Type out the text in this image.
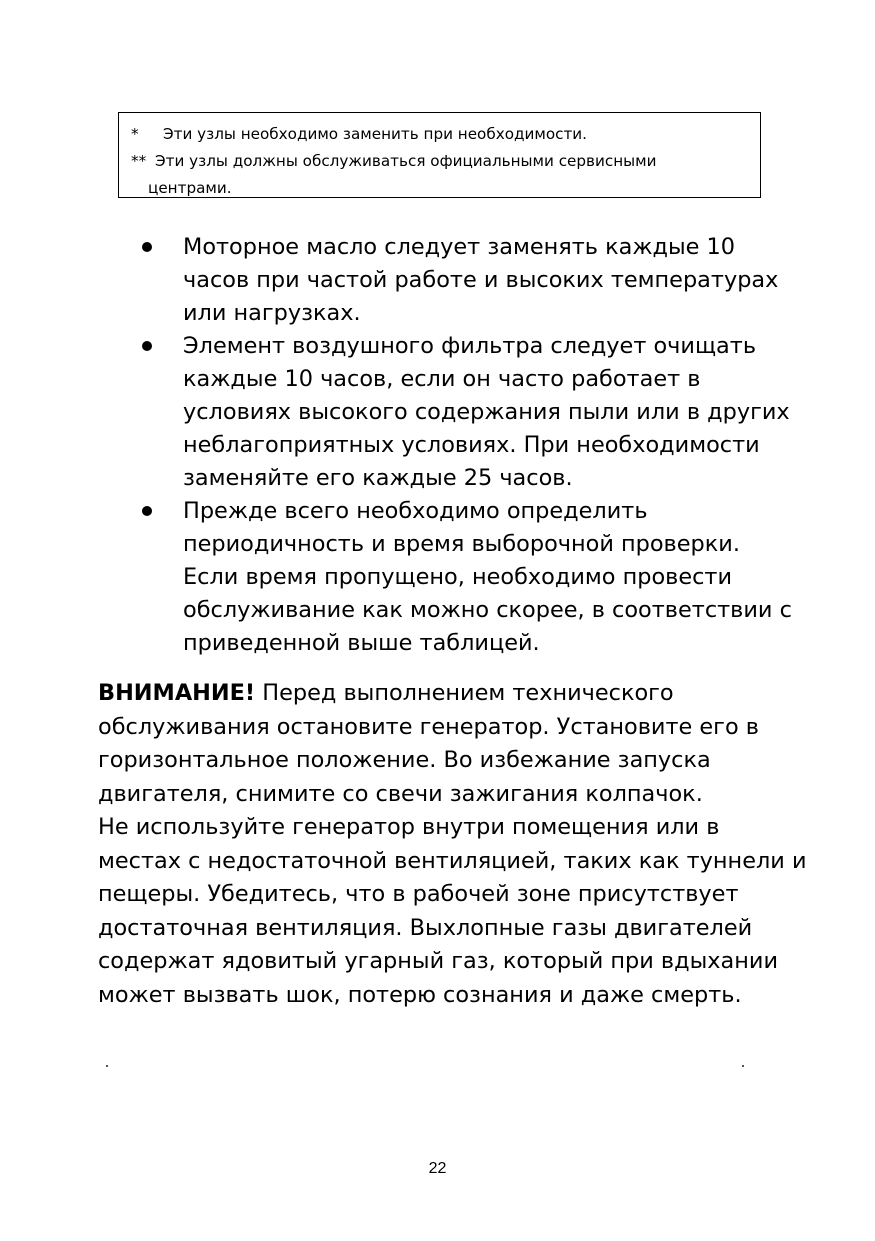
* Эти узлы необходимо заменить при необходимости.
** Эти узлы должны обслуживаться официальными сервисными
центрами.
Моторное масло следует заменять каждые 10
часов при частой работе и высоких температурах
или нагрузках.
Элемент воздушного фильтра следует очищать
каждые 10 часов, если он часто работает в
условиях высокого содержания пыли или в других
неблагоприятных условиях. При необходимости
заменяйте его каждые 25 часов.
Прежде всего необходимо определить
периодичность и время выборочной проверки.
Если время пропущено, необходимо провести
обслуживание как можно скорее, в соответствии с
приведенной выше таблицей.
ВНИМАНИЕ! Перед выполнением технического
обслуживания остановите генератор. Установите его в
горизонтальное положение. Во избежание запуска
двигателя, снимите со свечи зажигания колпачок.
Не используйте генератор внутри помещения или в
местах с недостаточной вентиляцией, таких как туннели и
пещеры. Убедитесь, что в рабочей зоне присутствует
достаточная вентиляция. Выхлопные газы двигателей
содержат ядовитый угарный газ, который при вдыхании
может вызвать шок, потерю сознания и даже смерть.
22
